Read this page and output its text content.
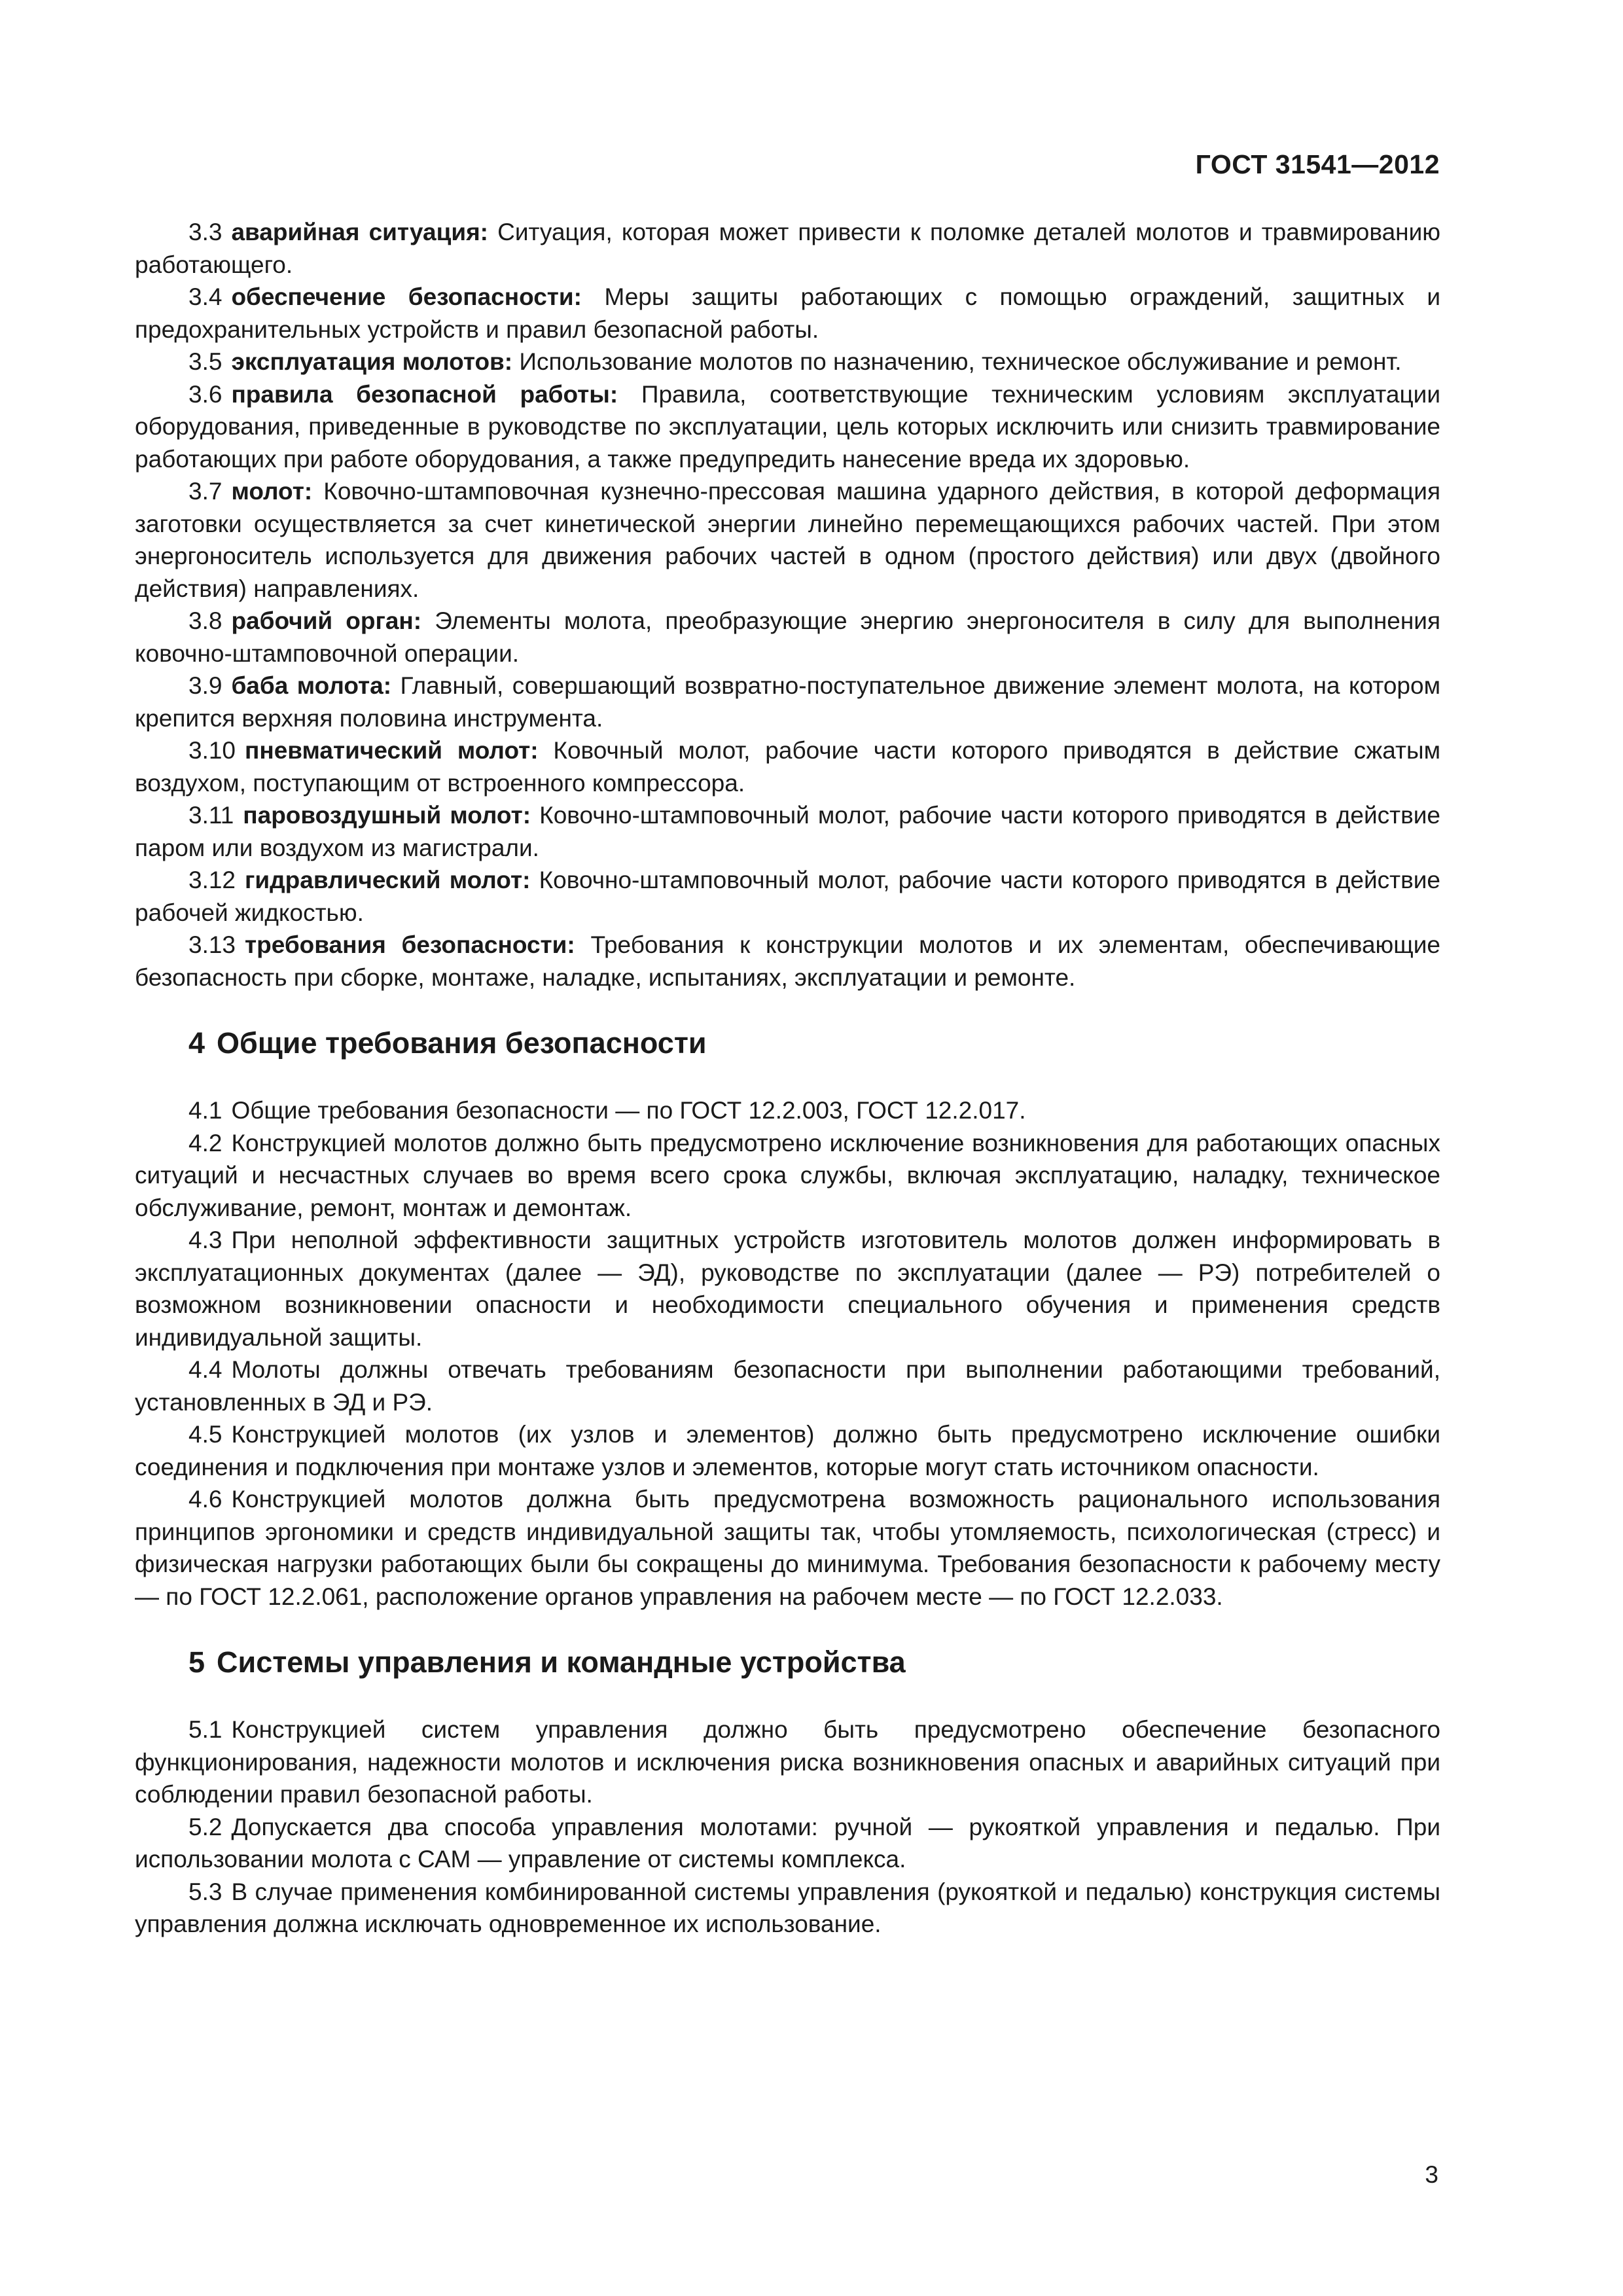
ГОСТ 31541—2012

3.3 аварийная ситуация: Ситуация, которая может привести к поломке деталей молотов и травмированию работающего.

3.4 обеспечение безопасности: Меры защиты работающих с помощью ограждений, защитных и предохранительных устройств и правил безопасной работы.

3.5 эксплуатация молотов: Использование молотов по назначению, техническое обслуживание и ремонт.

3.6 правила безопасной работы: Правила, соответствующие техническим условиям эксплуатации оборудования, приведенные в руководстве по эксплуатации, цель которых исключить или снизить травмирование работающих при работе оборудования, а также предупредить нанесение вреда их здоровью.

3.7 молот: Ковочно-штамповочная кузнечно-прессовая машина ударного действия, в которой деформация заготовки осуществляется за счет кинетической энергии линейно перемещающихся рабочих частей. При этом энергоноситель используется для движения рабочих частей в одном (простого действия) или двух (двойного действия) направлениях.

3.8 рабочий орган: Элементы молота, преобразующие энергию энергоносителя в силу для выполнения ковочно-штамповочной операции.

3.9 баба молота: Главный, совершающий возвратно-поступательное движение элемент молота, на котором крепится верхняя половина инструмента.

3.10 пневматический молот: Ковочный молот, рабочие части которого приводятся в действие сжатым воздухом, поступающим от встроенного компрессора.

3.11 паровоздушный молот: Ковочно-штамповочный молот, рабочие части которого приводятся в действие паром или воздухом из магистрали.

3.12 гидравлический молот: Ковочно-штамповочный молот, рабочие части которого приводятся в действие рабочей жидкостью.

3.13 требования безопасности: Требования к конструкции молотов и их элементам, обеспечивающие безопасность при сборке, монтаже, наладке, испытаниях, эксплуатации и ремонте.

4 Общие требования безопасности

4.1 Общие требования безопасности — по ГОСТ 12.2.003, ГОСТ 12.2.017.

4.2 Конструкцией молотов должно быть предусмотрено исключение возникновения для работающих опасных ситуаций и несчастных случаев во время всего срока службы, включая эксплуатацию, наладку, техническое обслуживание, ремонт, монтаж и демонтаж.

4.3 При неполной эффективности защитных устройств изготовитель молотов должен информировать в эксплуатационных документах (далее — ЭД), руководстве по эксплуатации (далее — РЭ) потребителей о возможном возникновении опасности и необходимости специального обучения и применения средств индивидуальной защиты.

4.4 Молоты должны отвечать требованиям безопасности при выполнении работающими требований, установленных в ЭД и РЭ.

4.5 Конструкцией молотов (их узлов и элементов) должно быть предусмотрено исключение ошибки соединения и подключения при монтаже узлов и элементов, которые могут стать источником опасности.

4.6 Конструкцией молотов должна быть предусмотрена возможность рационального использования принципов эргономики и средств индивидуальной защиты так, чтобы утомляемость, психологическая (стресс) и физическая нагрузки работающих были бы сокращены до минимума. Требования безопасности к рабочему месту — по ГОСТ 12.2.061, расположение органов управления на рабочем месте — по ГОСТ 12.2.033.

5 Системы управления и командные устройства

5.1 Конструкцией систем управления должно быть предусмотрено обеспечение безопасного функционирования, надежности молотов и исключения риска возникновения опасных и аварийных ситуаций при соблюдении правил безопасной работы.

5.2 Допускается два способа управления молотами: ручной — рукояткой управления и педалью. При использовании молота с САМ — управление от системы комплекса.

5.3 В случае применения комбинированной системы управления (рукояткой и педалью) конструкция системы управления должна исключать одновременное их использование.

3
